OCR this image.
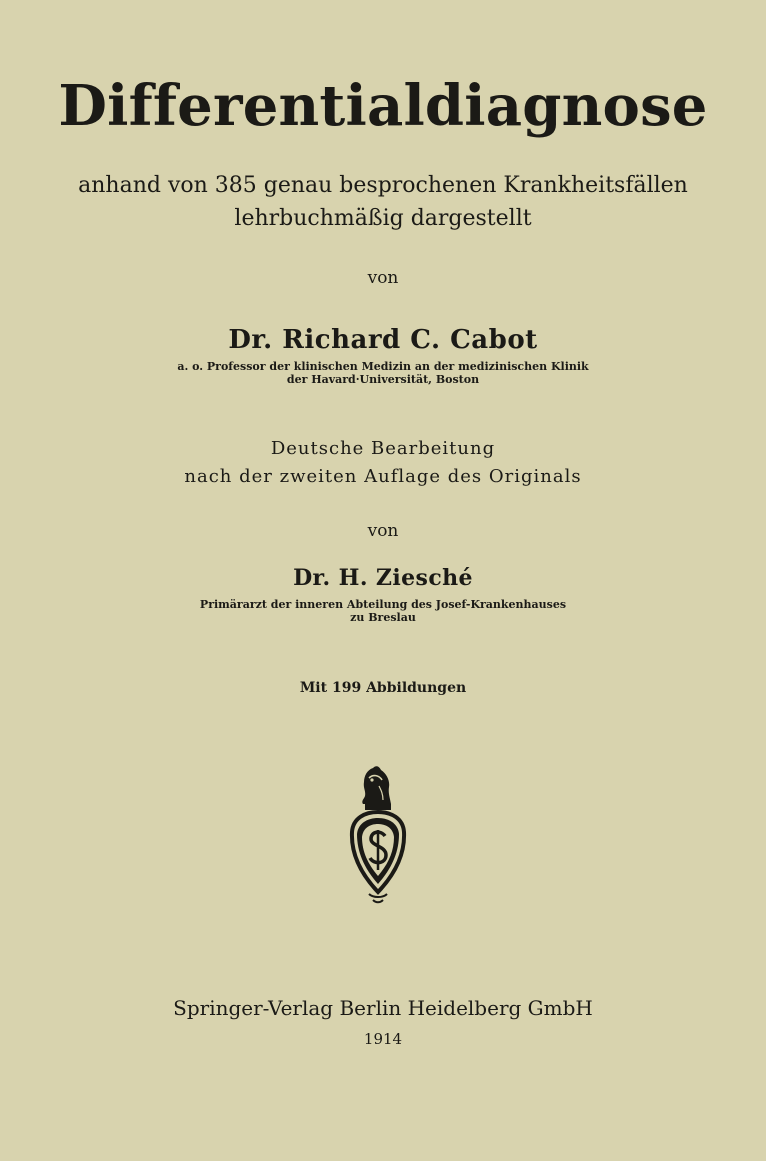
Differentialdiagnose

anhand von 385 genau besprochenen Krankheitsfällen

lehrbuchmäßig dargestellt

von

Dr. Richard C. Cabot

a. o. Professor der klinischen Medizin an der medizinischen Klinik

der Havard·Universität, Boston

Deutsche Bearbeitung

nach der zweiten Auflage des Originals

von

Dr. H. Ziesché

Primärarzt der inneren Abteilung des Josef-Krankenhauses

zu Breslau

Mit 199 Abbildungen

Springer-Verlag Berlin Heidelberg GmbH

1914
